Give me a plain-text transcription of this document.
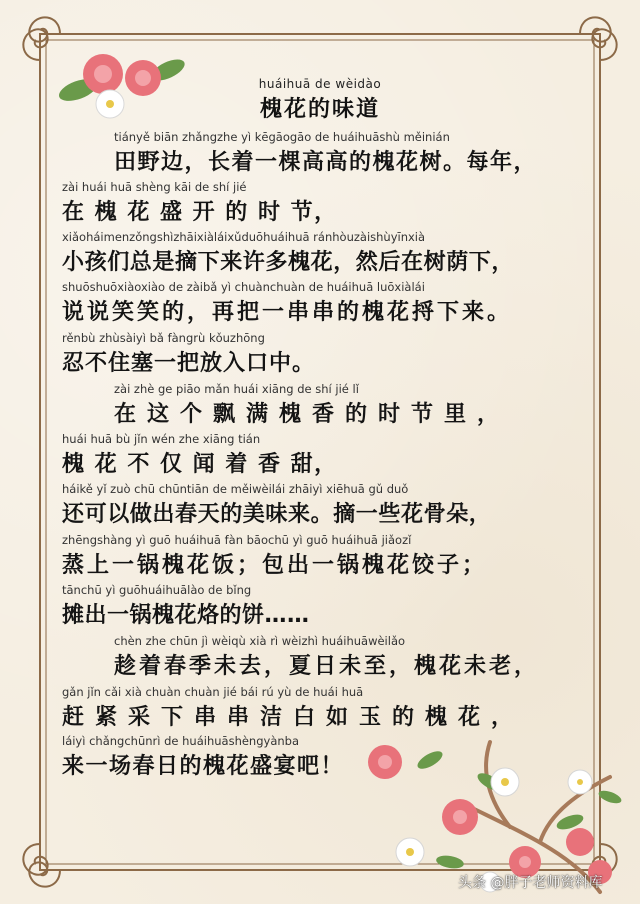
huáihuā de wèidào
槐花的味道
tiányě biān zhǎngzhe yì kēgāogāo de huáihuāshù měinián
田野边，长着一棵高高的槐花树。每年，
zài huái huā shèng kāi de shí jié
在 槐 花 盛 开 的 时 节，
xiǎoháimenzǒngshìzhāixiàláixǔduōhuáihuā ránhòuzàishùyīnxià
小孩们总是摘下来许多槐花，然后在树荫下，
shuōshuōxiàoxiào de zàibǎ yì chuànchuàn de huáihuā luōxiàlái
说说笑笑的，再把一串串的槐花捋下来。
rěnbù zhùsàiyì bǎ fàngrù kǒuzhōng
忍不住塞一把放入口中。
zài zhè ge piāo mǎn huái xiāng de shí jié lǐ
在这个飘满槐香的时节里，
huái huā bù jǐn wén zhe xiāng tián
槐 花 不 仅 闻 着 香 甜，
háikě yǐ zuò chū chūntiān de měiwèilái zhāiyì xiēhuā gǔ duǒ
还可以做出春天的美味来。摘一些花骨朵，
zhēngshàng yì guō huáihuā fàn bāochū yì guō huáihuā jiǎozǐ
蒸上一锅槐花饭；包出一锅槐花饺子；
tānchū yì guōhuáihuālào de bǐng
摊出一锅槐花烙的饼……
chèn zhe chūn jì wèiqù xià rì wèizhì huáihuāwèilǎo
趁着春季未去，夏日未至，槐花未老，
gǎn jǐn cǎi xià chuàn chuàn jié bái rú yù de huái huā
赶紧采下串串洁白如玉的槐花，
láiyì chǎngchūnrì de huáihuāshèngyànba
来一场春日的槐花盛宴吧！
头条 @胖子老师资料库
